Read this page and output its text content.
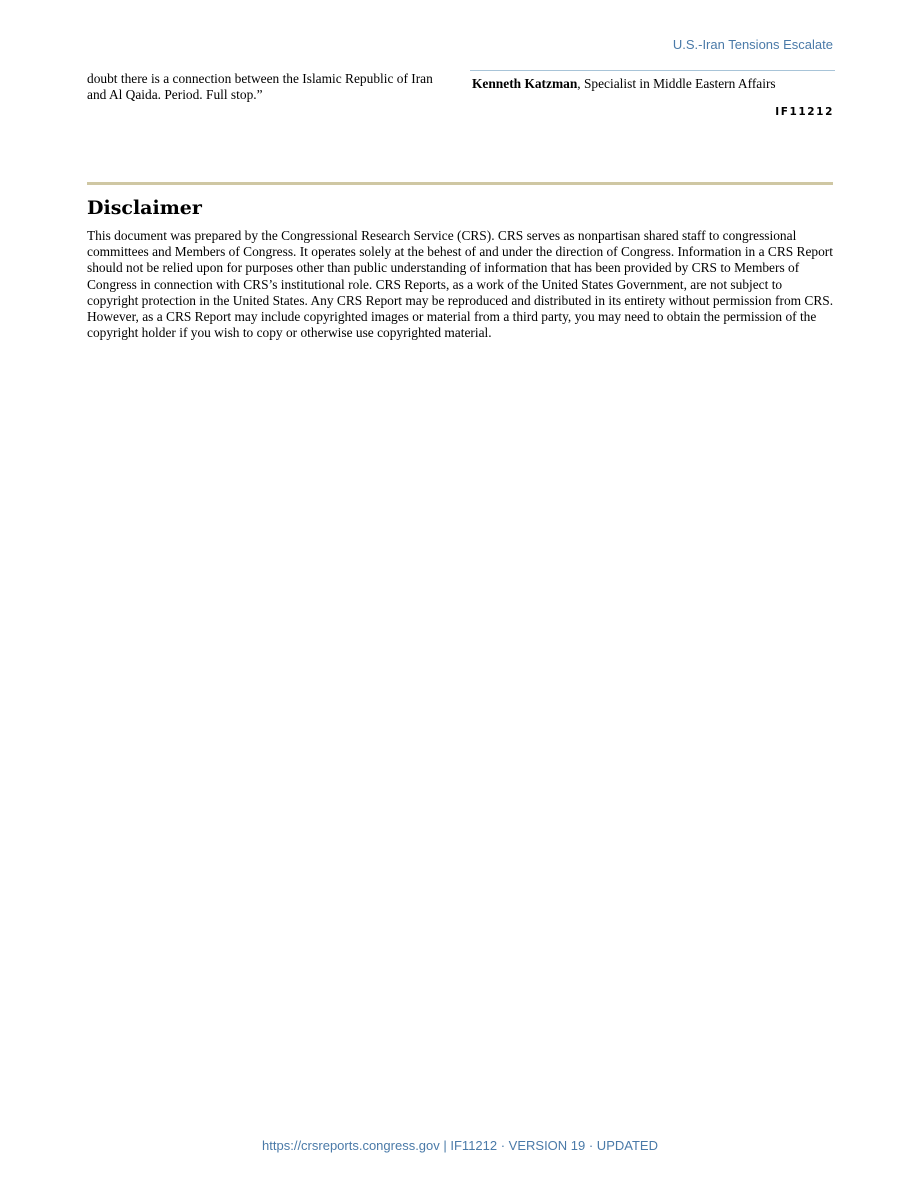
U.S.-Iran Tensions Escalate

doubt there is a connection between the Islamic Republic of Iran and Al Qaida. Period. Full stop.”

Kenneth Katzman, Specialist in Middle Eastern Affairs

IF11212
Disclaimer

This document was prepared by the Congressional Research Service (CRS). CRS serves as nonpartisan shared staff to congressional committees and Members of Congress. It operates solely at the behest of and under the direction of Congress. Information in a CRS Report should not be relied upon for purposes other than public understanding of information that has been provided by CRS to Members of Congress in connection with CRS’s institutional role. CRS Reports, as a work of the United States Government, are not subject to copyright protection in the United States. Any CRS Report may be reproduced and distributed in its entirety without permission from CRS. However, as a CRS Report may include copyrighted images or material from a third party, you may need to obtain the permission of the copyright holder if you wish to copy or otherwise use copyrighted material.

https://crsreports.congress.gov | IF11212 · VERSION 19 · UPDATED
